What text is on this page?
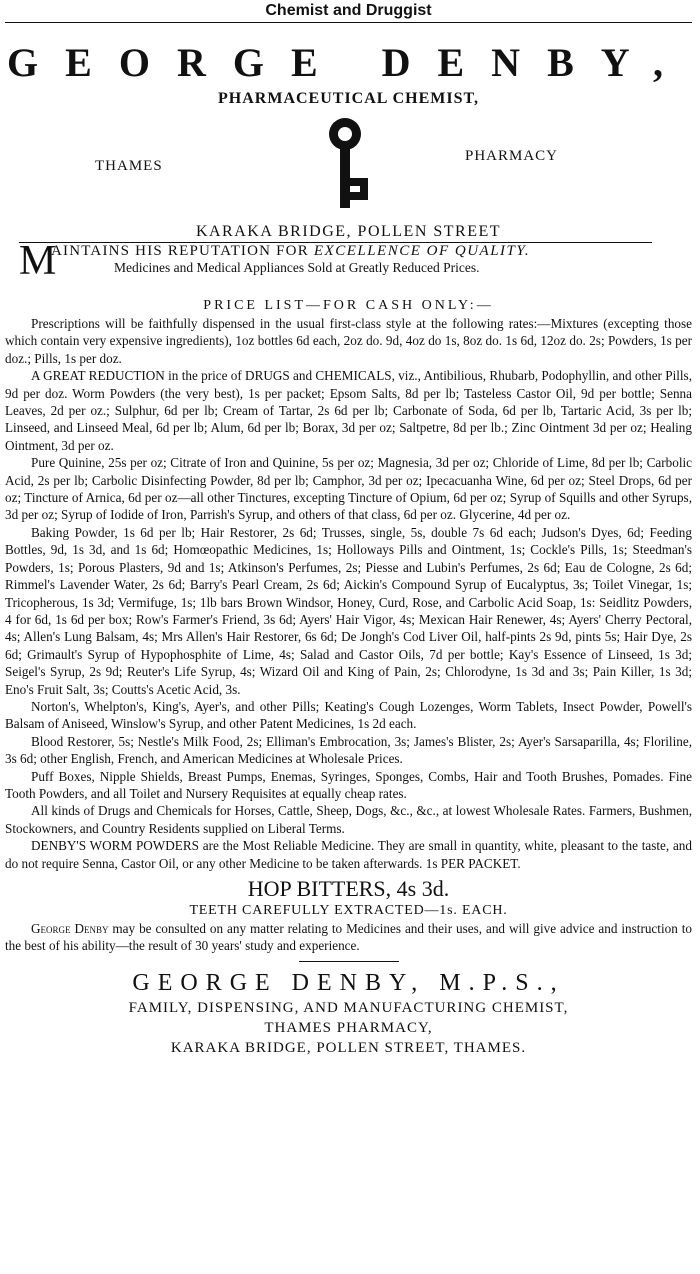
Chemist and Druggist
GEORGE DENBY,
PHARMACEUTICAL CHEMIST,
THAMES
PHARMACY
KARAKA BRIDGE, POLLEN STREET
M
AINTAINS HIS REPUTATION FOR EXCELLENCE OF QUALITY.
Medicines and Medical Appliances Sold at Greatly Reduced Prices.
PRICE LIST—FOR CASH ONLY:—

Prescriptions will be faithfully dispensed in the usual first-class style at the following rates:—Mixtures (excepting those which contain very expensive ingredients), 1oz bottles 6d each, 2oz do. 9d, 4oz do 1s, 8oz do. 1s 6d, 12oz do. 2s; Powders, 1s per doz.; Pills, 1s per doz.

A GREAT REDUCTION in the price of DRUGS and CHEMICALS, viz., Antibilious, Rhubarb, Podophyllin, and other Pills, 9d per doz. Worm Powders (the very best), 1s per packet; Epsom Salts, 8d per lb; Tasteless Castor Oil, 9d per bottle; Senna Leaves, 2d per oz.; Sulphur, 6d per lb; Cream of Tartar, 2s 6d per lb; Carbonate of Soda, 6d per lb, Tartaric Acid, 3s per lb; Linseed, and Linseed Meal, 6d per lb; Alum, 6d per lb; Borax, 3d per oz; Saltpetre, 8d per lb.; Zinc Ointment 3d per oz; Healing Ointment, 3d per oz.

Pure Quinine, 25s per oz; Citrate of Iron and Quinine, 5s per oz; Magnesia, 3d per oz; Chloride of Lime, 8d per lb; Carbolic Acid, 2s per lb; Carbolic Disinfecting Powder, 8d per lb; Camphor, 3d per oz; Ipecacuanha Wine, 6d per oz; Steel Drops, 6d per oz; Tincture of Arnica, 6d per oz—all other Tinctures, excepting Tincture of Opium, 6d per oz; Syrup of Squills and other Syrups, 3d per oz; Syrup of Iodide of Iron, Parrish's Syrup, and others of that class, 6d per oz. Glycerine, 4d per oz.

Baking Powder, 1s 6d per lb; Hair Restorer, 2s 6d; Trusses, single, 5s, double 7s 6d each; Judson's Dyes, 6d; Feeding Bottles, 9d, 1s 3d, and 1s 6d; Homœopathic Medicines, 1s; Holloways Pills and Ointment, 1s; Cockle's Pills, 1s; Steedman's Powders, 1s; Porous Plasters, 9d and 1s; Atkinson's Perfumes, 2s; Piesse and Lubin's Perfumes, 2s 6d; Eau de Cologne, 2s 6d; Rimmel's Lavender Water, 2s 6d; Barry's Pearl Cream, 2s 6d; Aickin's Compound Syrup of Eucalyptus, 3s; Toilet Vinegar, 1s; Tricopherous, 1s 3d; Vermifuge, 1s; 1lb bars Brown Windsor, Honey, Curd, Rose, and Carbolic Acid Soap, 1s: Seidlitz Powders, 4 for 6d, 1s 6d per box; Row's Farmer's Friend, 3s 6d; Ayers' Hair Vigor, 4s; Mexican Hair Renewer, 4s; Ayers' Cherry Pectoral, 4s; Allen's Lung Balsam, 4s; Mrs Allen's Hair Restorer, 6s 6d; De Jongh's Cod Liver Oil, half-pints 2s 9d, pints 5s; Hair Dye, 2s 6d; Grimault's Syrup of Hypophosphite of Lime, 4s; Salad and Castor Oils, 7d per bottle; Kay's Essence of Linseed, 1s 3d; Seigel's Syrup, 2s 9d; Reuter's Life Syrup, 4s; Wizard Oil and King of Pain, 2s; Chlorodyne, 1s 3d and 3s; Pain Killer, 1s 3d; Eno's Fruit Salt, 3s; Coutts's Acetic Acid, 3s.

Norton's, Whelpton's, King's, Ayer's, and other Pills; Keating's Cough Lozenges, Worm Tablets, Insect Powder, Powell's Balsam of Aniseed, Winslow's Syrup, and other Patent Medicines, 1s 2d each.

Blood Restorer, 5s; Nestle's Milk Food, 2s; Elliman's Embrocation, 3s; James's Blister, 2s; Ayer's Sarsaparilla, 4s; Floriline, 3s 6d; other English, French, and American Medicines at Wholesale Prices.

Puff Boxes, Nipple Shields, Breast Pumps, Enemas, Syringes, Sponges, Combs, Hair and Tooth Brushes, Pomades. Fine Tooth Powders, and all Toilet and Nursery Requisites at equally cheap rates.

All kinds of Drugs and Chemicals for Horses, Cattle, Sheep, Dogs, &c., &c., at lowest Wholesale Rates. Farmers, Bushmen, Stockowners, and Country Residents supplied on Liberal Terms.

DENBY'S WORM POWDERS are the Most Reliable Medicine. They are small in quantity, white, pleasant to the taste, and do not require Senna, Castor Oil, or any other Medicine to be taken afterwards. 1s PER PACKET.

HOP BITTERS, 4s 3d.
TEETH CAREFULLY EXTRACTED—1s. EACH.

George Denby may be consulted on any matter relating to Medicines and their uses, and will give advice and instruction to the best of his ability—the result of 30 years' study and experience.

GEORGE DENBY, M.P.S.,
FAMILY, DISPENSING, AND MANUFACTURING CHEMIST,
THAMES PHARMACY,
KARAKA BRIDGE, POLLEN STREET, THAMES.
